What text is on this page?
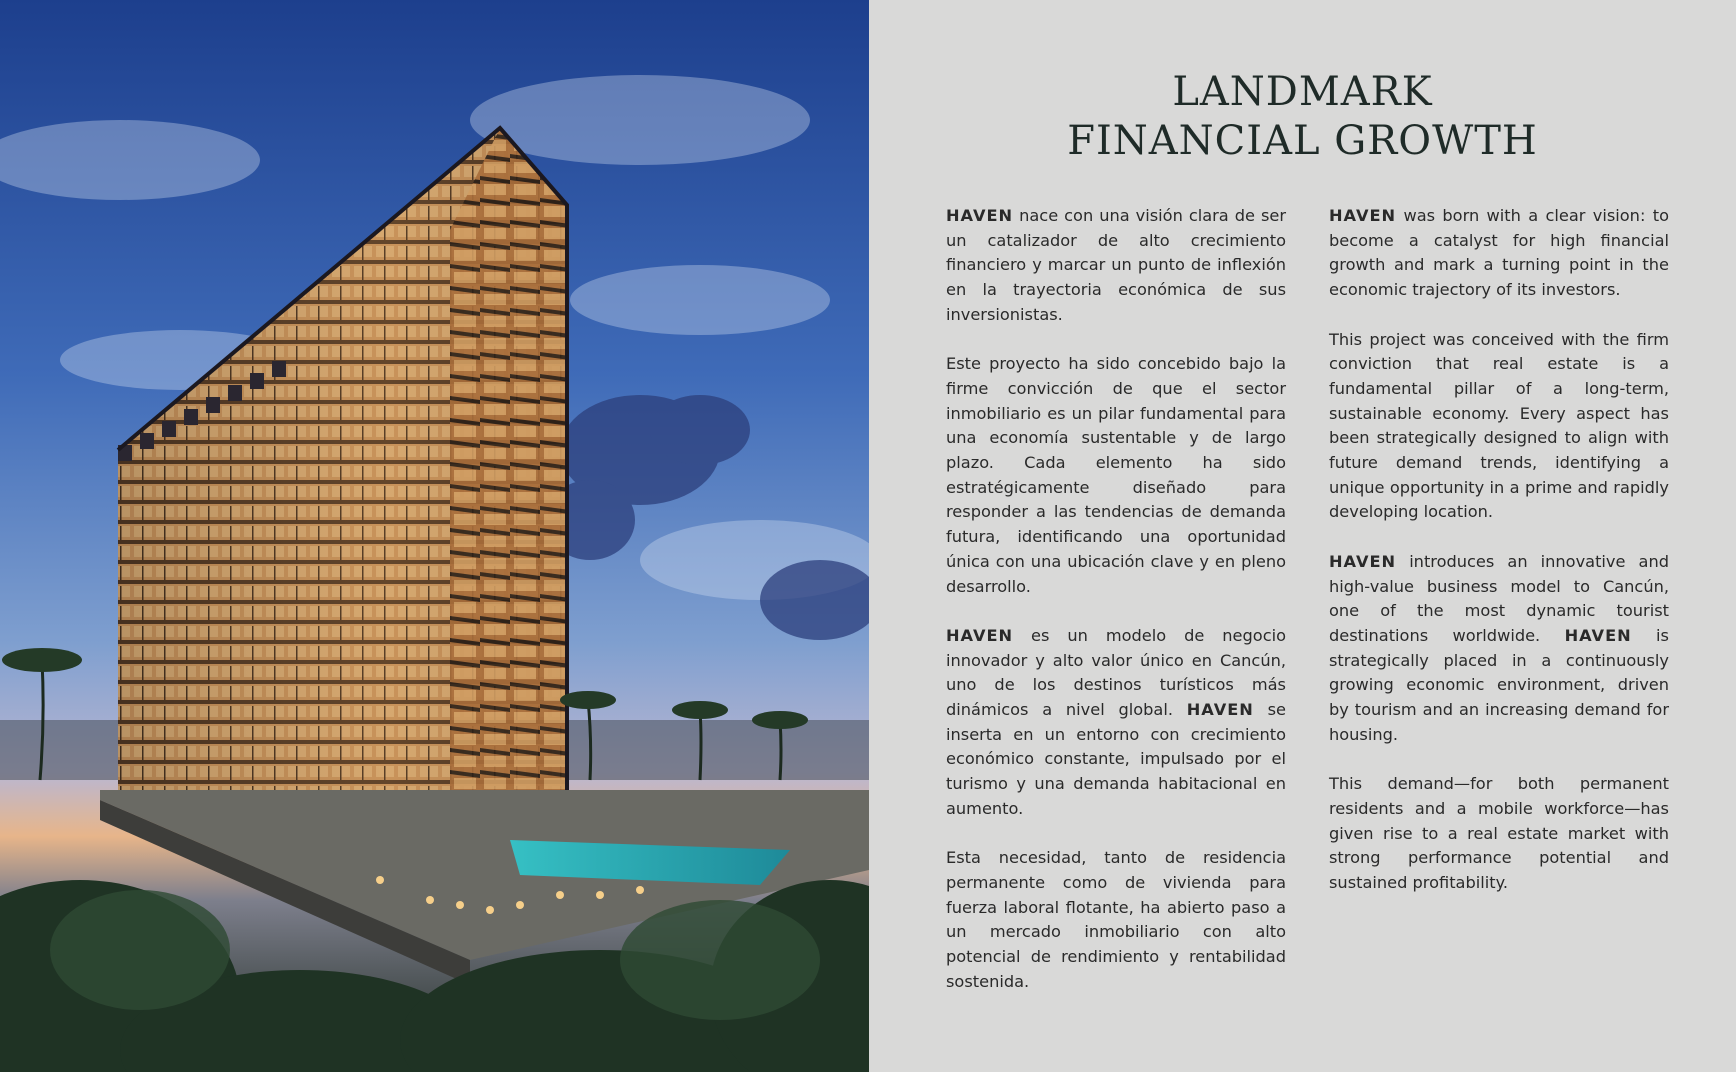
LANDMARK
FINANCIAL GROWTH

HAVEN nace con una visión clara de ser un catalizador de alto crecimiento financiero y marcar un punto de inflexión en la trayectoria económica de sus inversionistas.

Este proyecto ha sido concebido bajo la firme convicción de que el sector inmobiliario es un pilar fundamental para una economía sustentable y de largo plazo. Cada elemento ha sido estratégicamente diseñado para responder a las tendencias de demanda futura, identificando una oportunidad única con una ubicación clave y en pleno desarrollo.

HAVEN es un modelo de negocio innovador y alto valor único en Cancún, uno de los destinos turísticos más dinámicos a nivel global. HAVEN se inserta en un entorno con crecimiento económico constante, impulsado por el turismo y una demanda habitacional en aumento.

Esta necesidad, tanto de residencia permanente como de vivienda para fuerza laboral flotante, ha abierto paso a un mercado inmobiliario con alto potencial de rendimiento y rentabilidad sostenida.

HAVEN was born with a clear vision: to become a catalyst for high financial growth and mark a turning point in the economic trajectory of its investors.

This project was conceived with the firm conviction that real estate is a fundamental pillar of a long-term, sustainable economy. Every aspect has been strategically designed to align with future demand trends, identifying a unique opportunity in a prime and rapidly developing location.

HAVEN introduces an innovative and high-value business model to Cancún, one of the most dynamic tourist destinations worldwide. HAVEN is strategically placed in a continuously growing economic environment, driven by tourism and an increasing demand for housing.

This demand—for both permanent residents and a mobile workforce—has given rise to a real estate market with strong performance potential and sustained profitability.
